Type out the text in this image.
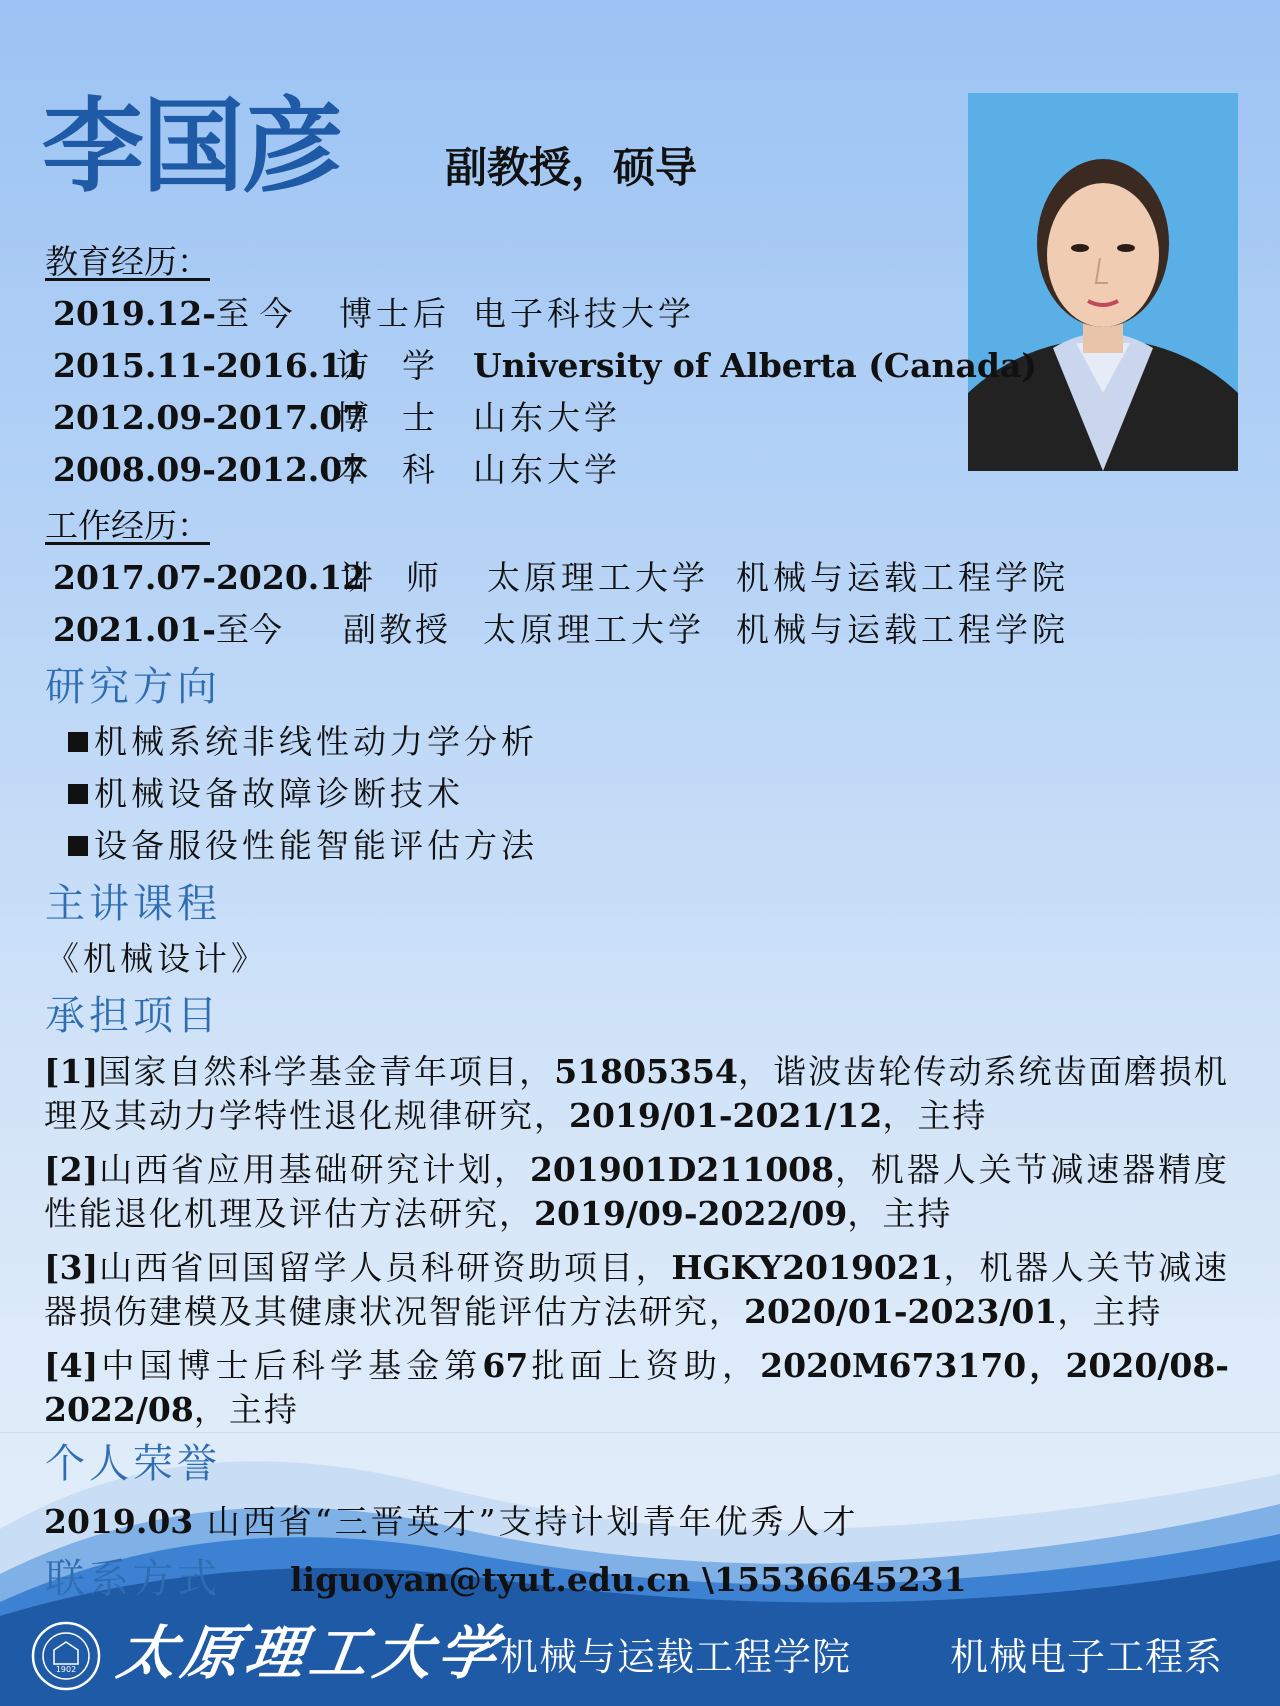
李国彦 副教授，硕导
教育经历：
2019.12-至 今 博士后 电子科技大学
2015.11-2016.11
访　学 University of Alberta (Canada)
2012.09-2017.07
博　士 山东大学
2008.09-2012.07
本　科 山东大学
工作经历：
2017.07-2020.12
讲　师 太原理工大学 机械与运载工程学院
2021.01-至今 副教授 太原理工大学 机械与运载工程学院
研究方向
机械系统非线性动力学分析
机械设备故障诊断技术
设备服役性能智能评估方法
主讲课程
《机械设计》
承担项目
[1]国家自然科学基金青年项目，51805354，谐波齿轮传动系统齿面磨损机理及其动力学特性退化规律研究，2019/01-2021/12，主持
[2]山西省应用基础研究计划，201901D211008，机器人关节减速器精度性能退化机理及评估方法研究，2019/09-2022/09，主持
[3]山西省回国留学人员科研资助项目，HGKY2019021，机器人关节减速器损伤建模及其健康状况智能评估方法研究，2020/01-2023/01，主持
[4]中国博士后科学基金第67批面上资助，2020M673170，2020/08-2022/08，主持
个人荣誉
2019.03 山西省“三晋英才”支持计划青年优秀人才
联系方式 liguoyan@tyut.edu.cn \15536645231
1902 太原理工大学
机械与运载工程学院	机械电子工程系
